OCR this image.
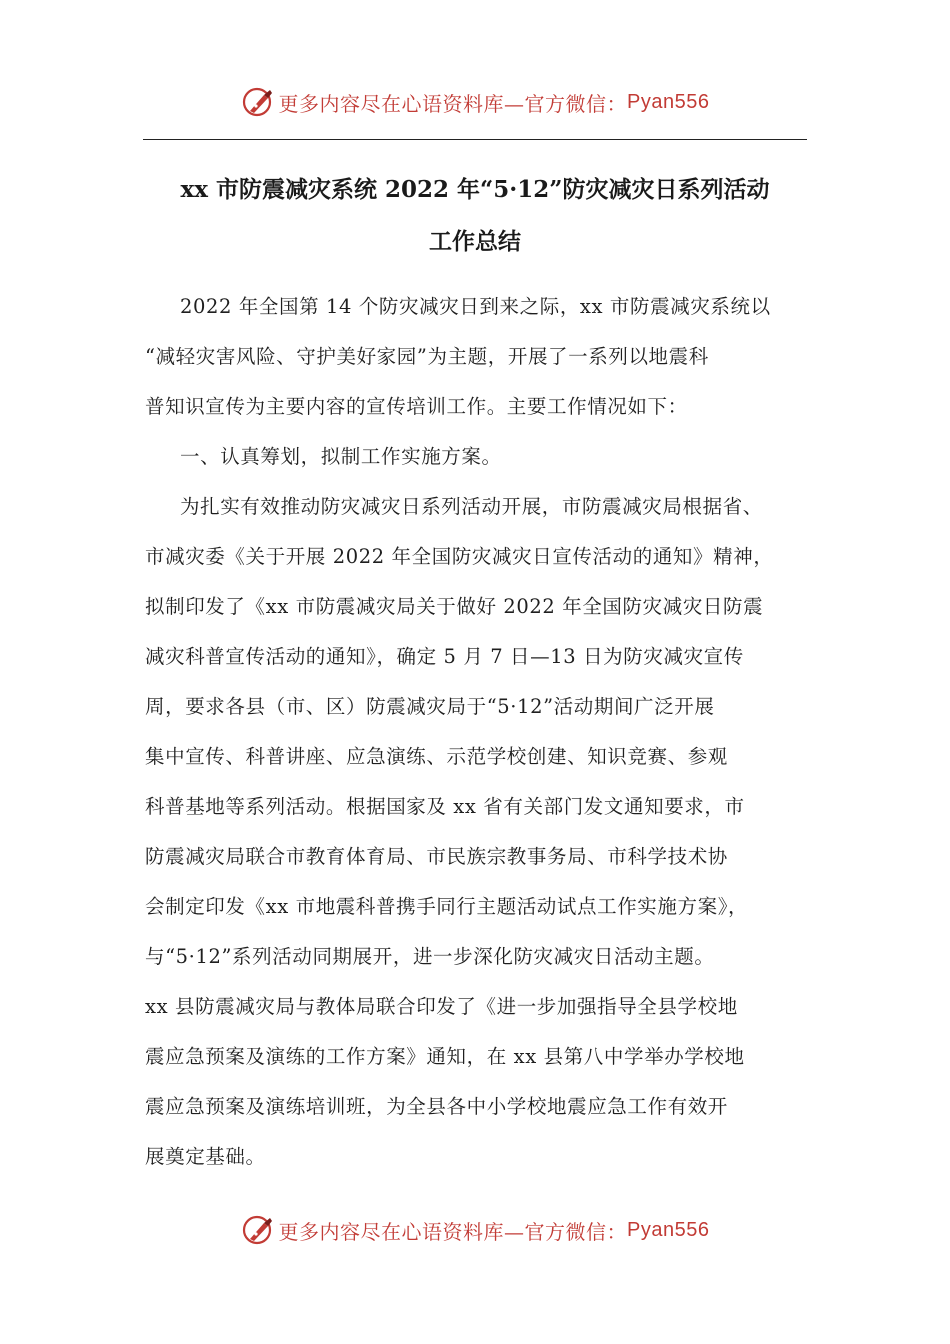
更多内容尽在心语资料库—官方微信： Pyan556
xx 市防震减灾系统 2022 年“5·12”防灾减灾日系列活动
工作总结
2022 年全国第 14 个防灾减灾日到来之际，xx 市防震减灾系统以
“减轻灾害风险、守护美好家园”为主题，开展了一系列以地震科
普知识宣传为主要内容的宣传培训工作。主要工作情况如下：
一、认真筹划，拟制工作实施方案。
为扎实有效推动防灾减灾日系列活动开展，市防震减灾局根据省、
市减灾委《关于开展 2022 年全国防灾减灾日宣传活动的通知》精神，
拟制印发了《xx 市防震减灾局关于做好 2022 年全国防灾减灾日防震
减灾科普宣传活动的通知》，确定 5 月 7 日—13 日为防灾减灾宣传
周，要求各县（市、区）防震减灾局于“5·12”活动期间广泛开展
集中宣传、科普讲座、应急演练、示范学校创建、知识竞赛、参观
科普基地等系列活动。根据国家及 xx 省有关部门发文通知要求，市
防震减灾局联合市教育体育局、市民族宗教事务局、市科学技术协
会制定印发《xx 市地震科普携手同行主题活动试点工作实施方案》，
与“5·12”系列活动同期展开，进一步深化防灾减灾日活动主题。
xx 县防震减灾局与教体局联合印发了《进一步加强指导全县学校地
震应急预案及演练的工作方案》通知，在 xx 县第八中学举办学校地
震应急预案及演练培训班，为全县各中小学校地震应急工作有效开
展奠定基础。
更多内容尽在心语资料库—官方微信： Pyan556
